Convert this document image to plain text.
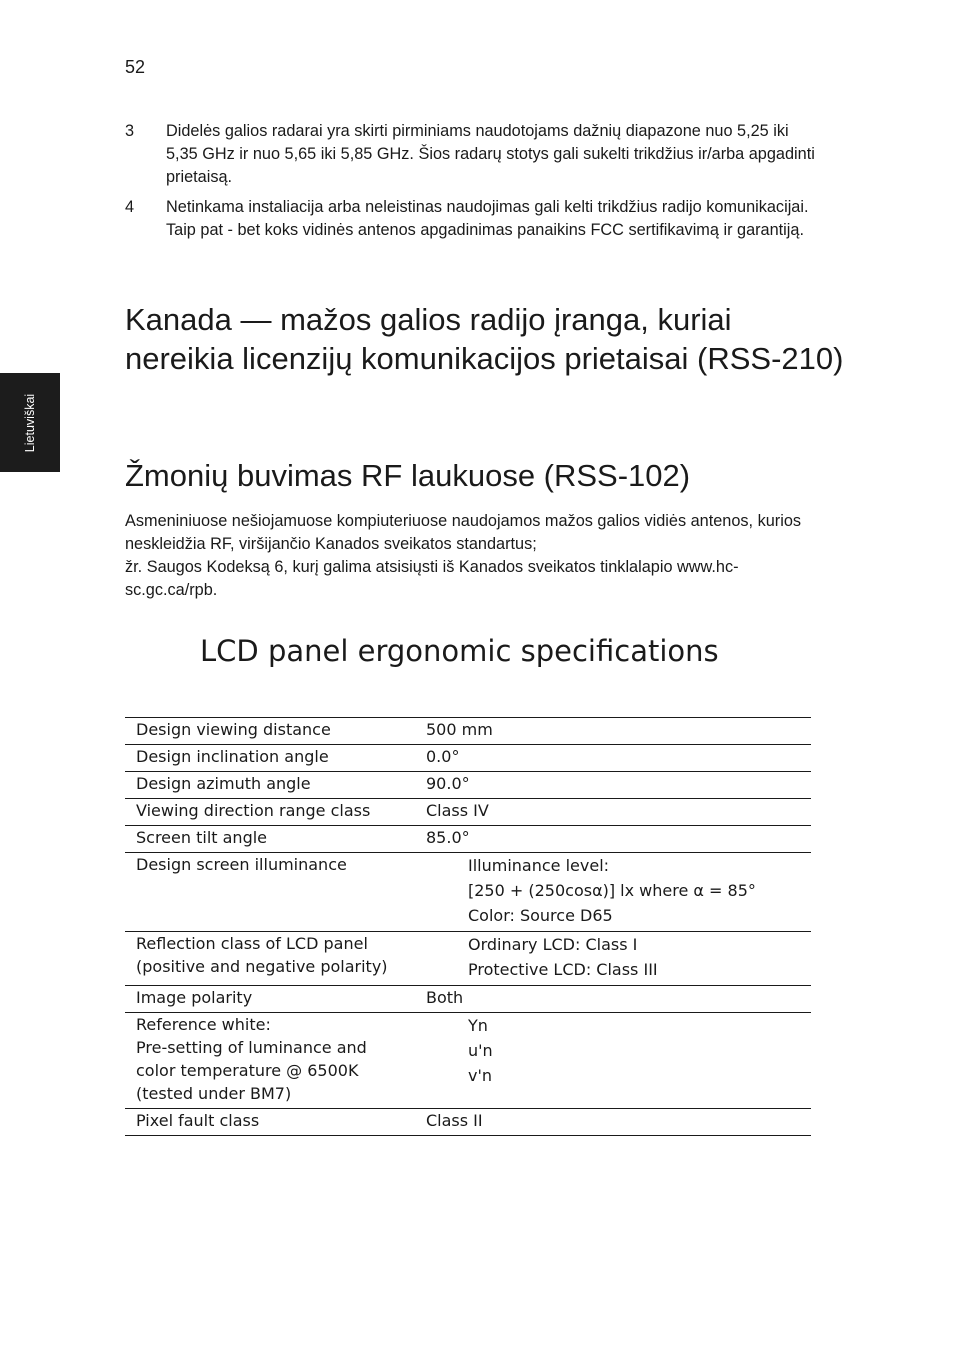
52
Lietuviškai
3	Didelės galios radarai yra skirti pirminiams naudotojams dažnių diapazone nuo 5,25 iki 5,35 GHz ir nuo 5,65 iki 5,85 GHz. Šios radarų stotys gali sukelti trikdžius ir/arba apgadinti prietaisą.
4	Netinkama instaliacija arba neleistinas naudojimas gali kelti trikdžius radijo komunikacijai. Taip pat - bet koks vidinės antenos apgadinimas panaikins FCC sertifikavimą ir garantiją.
Kanada — mažos galios radijo įranga, kuriai nereikia licenzijų komunikacijos prietaisai (RSS-210)
Žmonių buvimas RF laukuose (RSS-102)
Asmeniniuose nešiojamuose kompiuteriuose naudojamos mažos galios vidiės antenos, kurios neskleidžia RF, viršijančio Kanados sveikatos standartus;
žr. Saugos Kodeksą 6, kurį galima atsisiųsti iš Kanados sveikatos tinklalapio www.hc-sc.gc.ca/rpb.
LCD panel ergonomic specifications
Design viewing distance	500 mm

Design inclination angle	0.0°

Design azimuth angle	90.0°

Viewing direction range class	Class IV

Screen tilt angle	85.0°

Design screen illuminance	Illuminance level:
[250 + (250cosα)] lx where α = 85°
Color: Source D65

Reflection class of LCD panel
(positive and negative polarity)	Ordinary LCD: Class I
Protective LCD: Class III

Image polarity	Both

Reference white:
Pre-setting of luminance and
color temperature @ 6500K
(tested under BM7)	Yn
u'n
v'n

Pixel fault class	Class II
